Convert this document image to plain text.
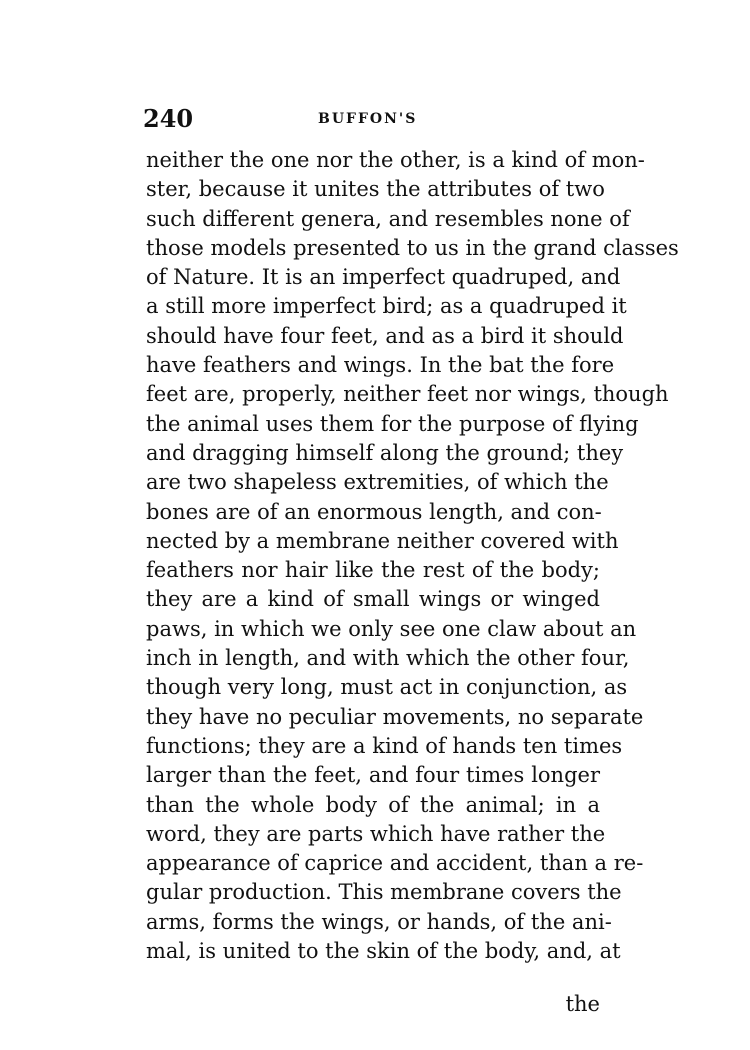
240	BUFFON'S
neither the one nor the other, is a kind of mon-
ster, because it unites the attributes of two
such different genera, and resembles none of
those models presented to us in the grand classes
of Nature. It is an imperfect quadruped, and
a still more imperfect bird; as a quadruped it
should have four feet, and as a bird it should
have feathers and wings. In the bat the fore
feet are, properly, neither feet nor wings, though
the animal uses them for the purpose of flying
and dragging himself along the ground; they
are two shapeless extremities, of which the
bones are of an enormous length, and con-
nected by a membrane neither covered with
feathers nor hair like the rest of the body;
they are a kind of small wings or winged
paws, in which we only see one claw about an
inch in length, and with which the other four,
though very long, must act in conjunction, as
they have no peculiar movements, no separate
functions; they are a kind of hands ten times
larger than the feet, and four times longer
than the whole body of the animal; in a
word, they are parts which have rather the
appearance of caprice and accident, than a re-
gular production. This membrane covers the
arms, forms the wings, or hands, of the ani-
mal, is united to the skin of the body, and, at
the
